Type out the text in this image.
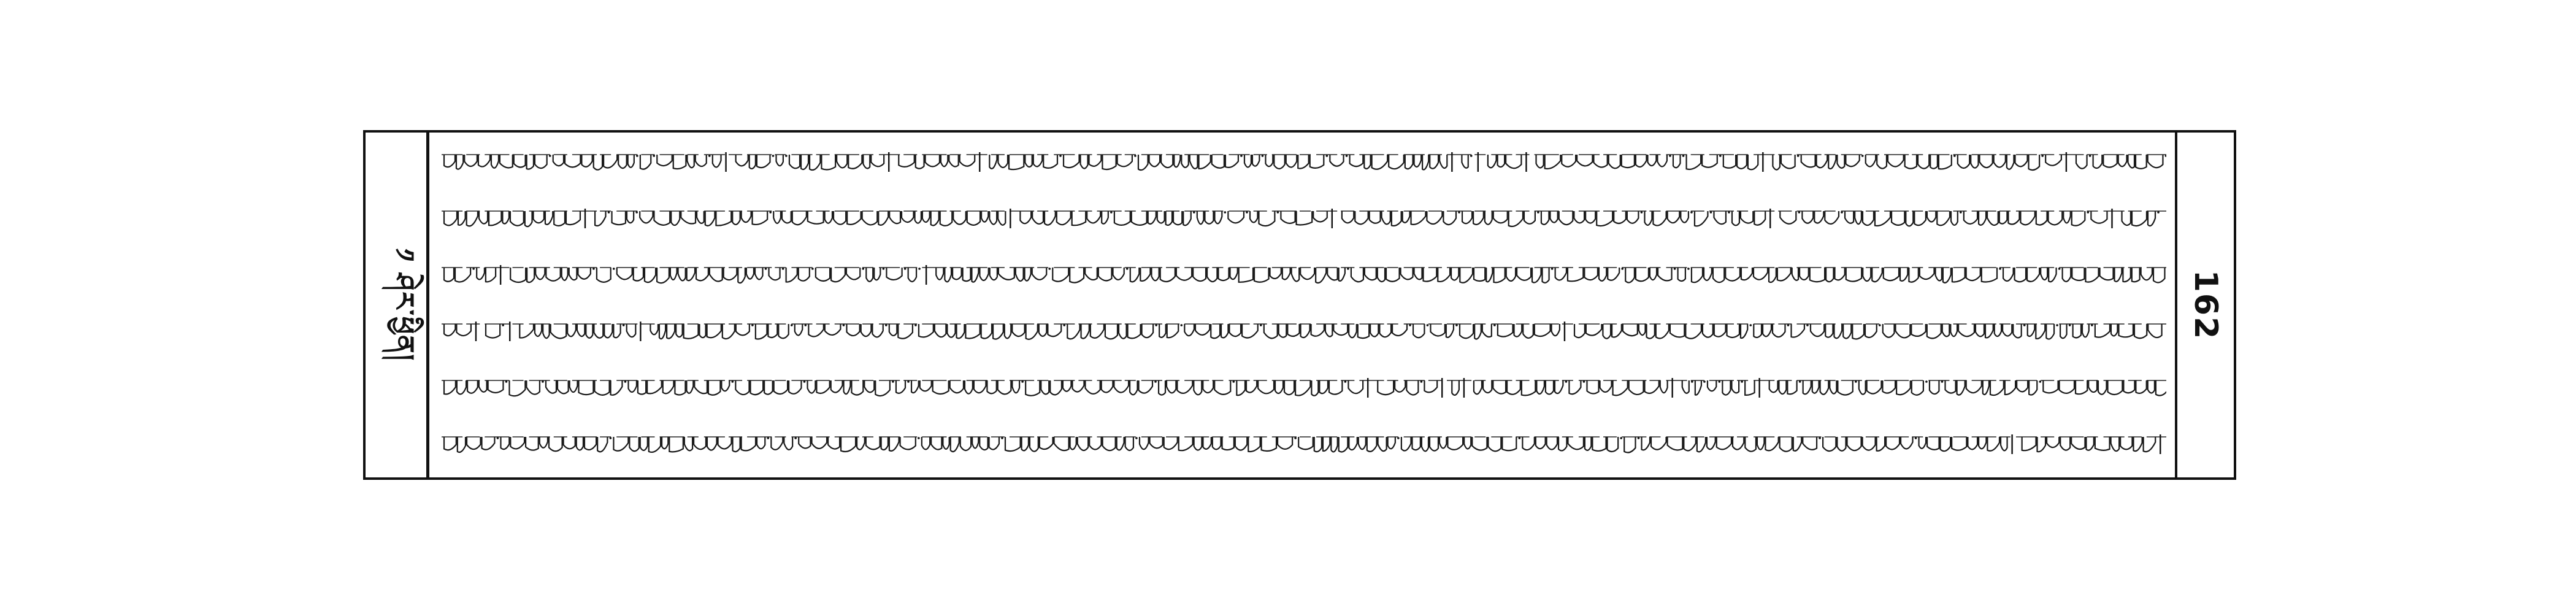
༡ ཤེར་ཕྱིན།	162
